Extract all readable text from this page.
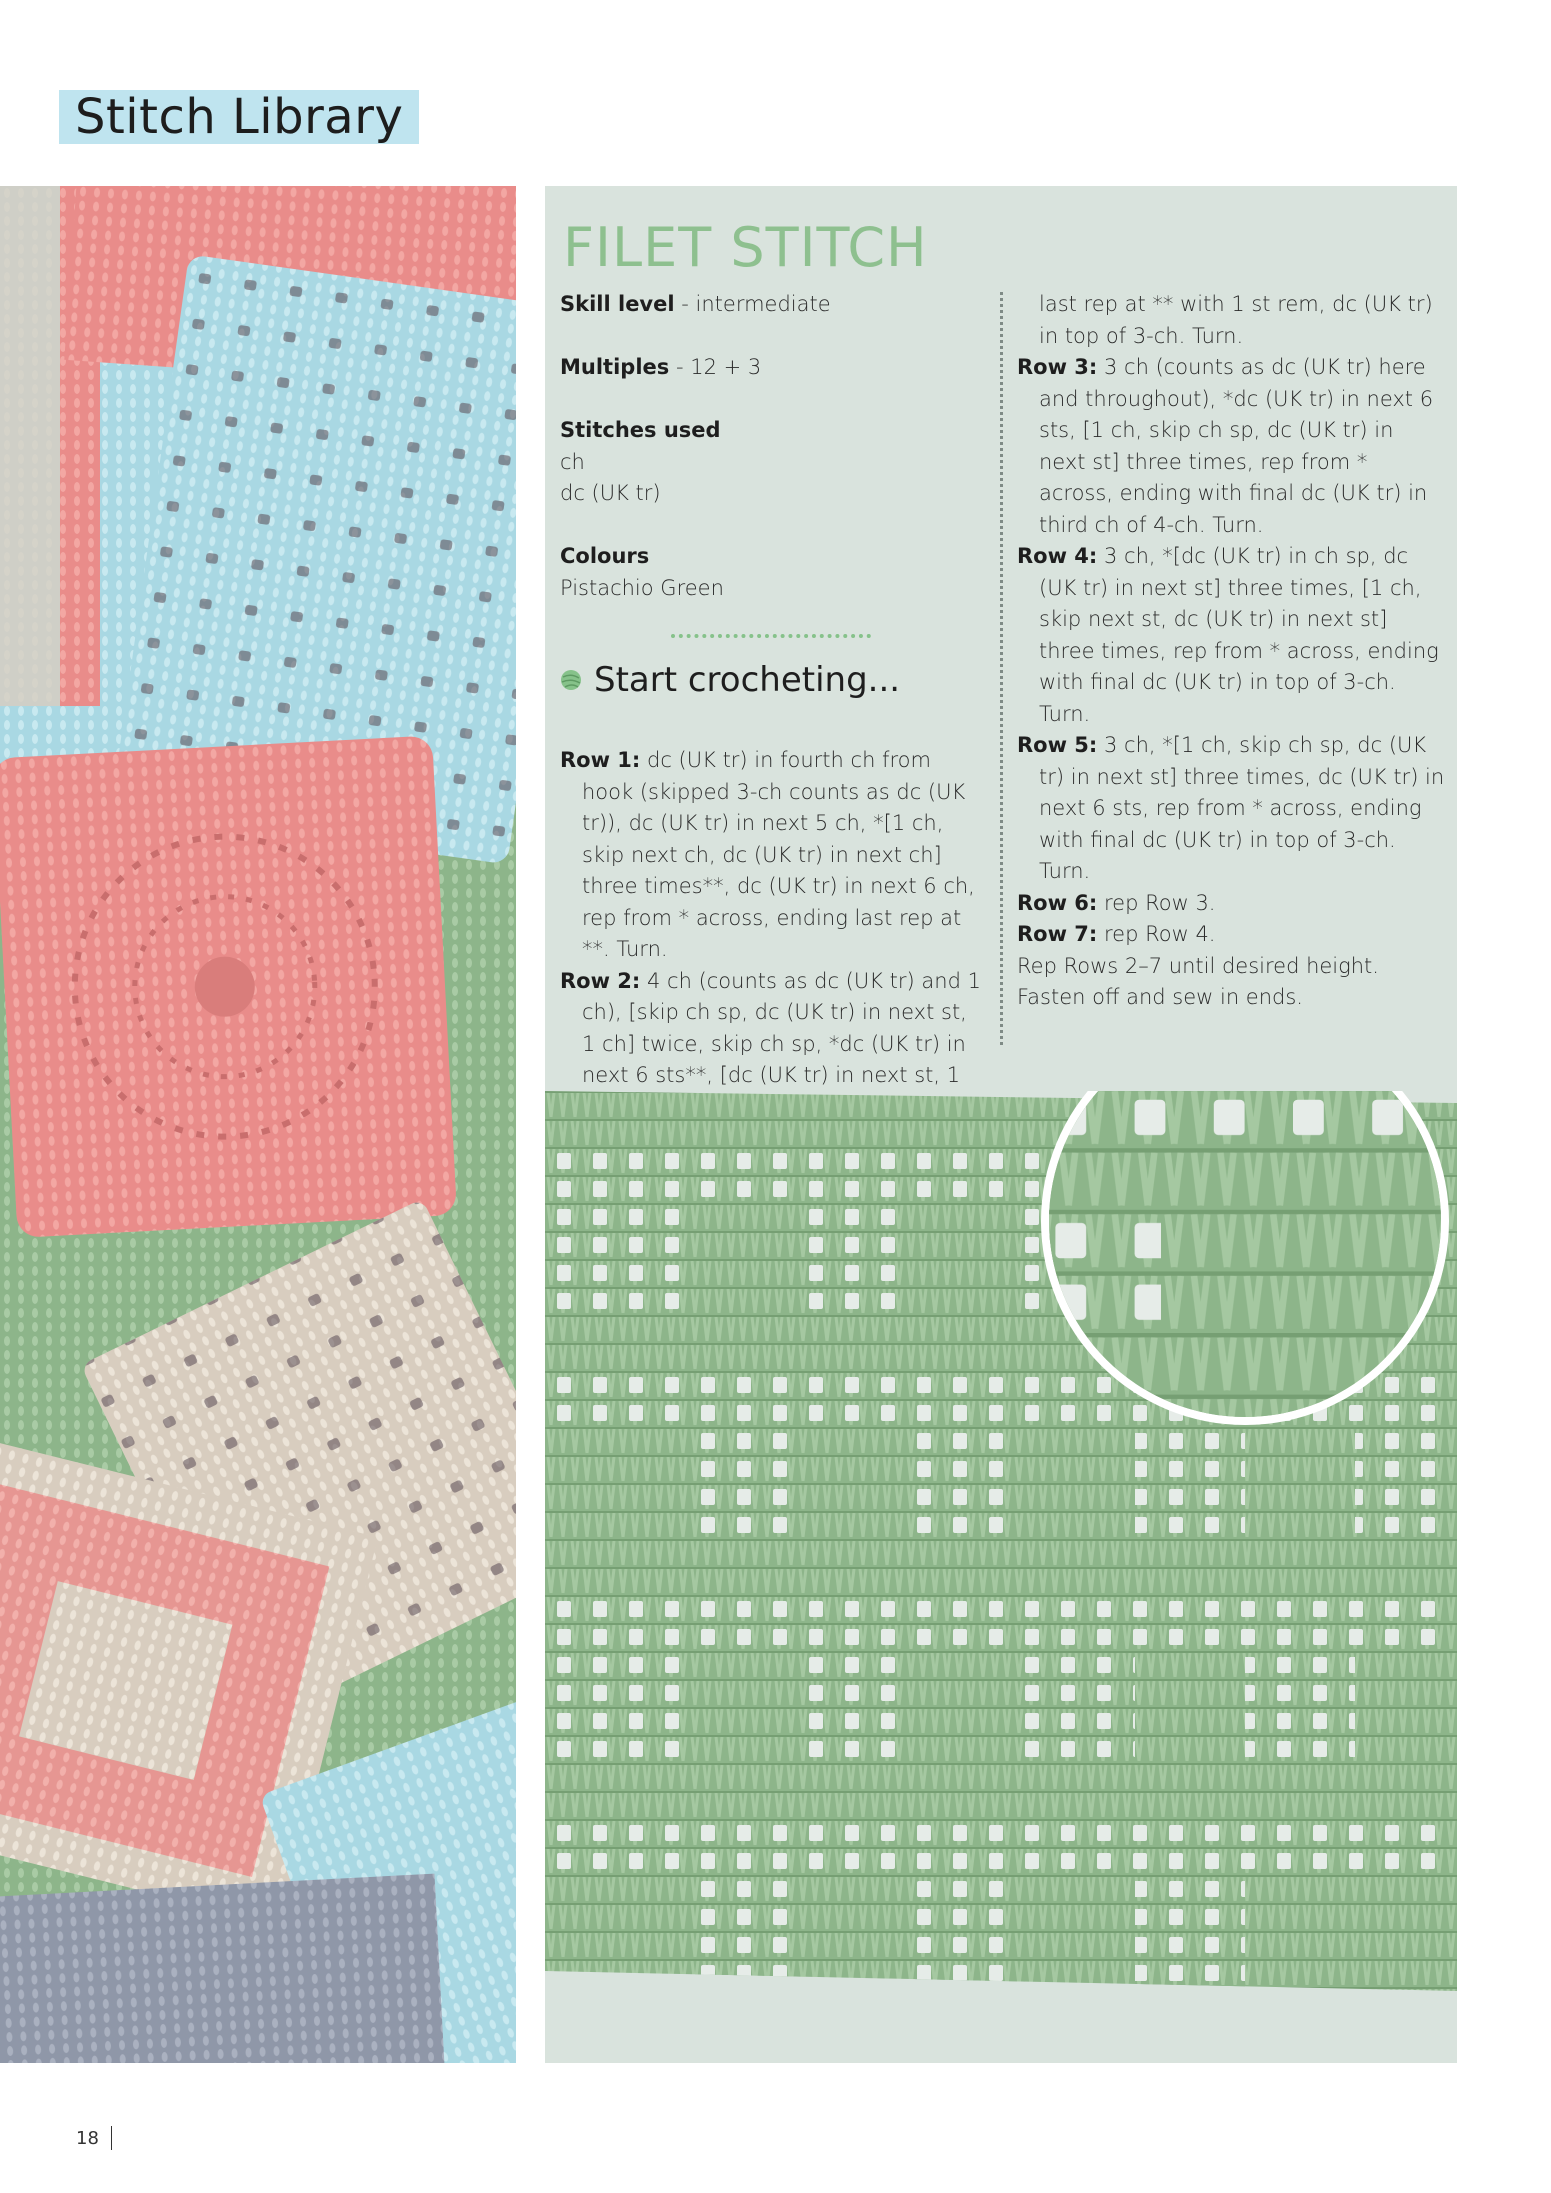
Stitch Library
FILET STITCH
Skill level - intermediate
Multiples - 12 + 3
Stitches used
ch
dc (UK tr)
Colours
Pistachio Green
Start crocheting...
Row 1: dc (UK tr) in fourth ch from hook (skipped 3-ch counts as dc (UK tr)), dc (UK tr) in next 5 ch, *[1 ch, skip next ch, dc (UK tr) in next ch] three times**, dc (UK tr) in next 6 ch, rep from * across, ending last rep at **. Turn.
Row 2: 4 ch (counts as dc (UK tr) and 1 ch), [skip ch sp, dc (UK tr) in next st, 1 ch] twice, skip ch sp, *dc (UK tr) in next 6 sts**, [dc (UK tr) in next st, 1
last rep at ** with 1 st rem, dc (UK tr) in top of 3-ch. Turn.
Row 3: 3 ch (counts as dc (UK tr) here and throughout), *dc (UK tr) in next 6 sts, [1 ch, skip ch sp, dc (UK tr) in next st] three times, rep from * across, ending with final dc (UK tr) in third ch of 4-ch. Turn.
Row 4: 3 ch, *[dc (UK tr) in ch sp, dc (UK tr) in next st] three times, [1 ch, skip next st, dc (UK tr) in next st] three times, rep from * across, ending with final dc (UK tr) in top of 3-ch. Turn.
Row 5: 3 ch, *[1 ch, skip ch sp, dc (UK tr) in next st] three times, dc (UK tr) in next 6 sts, rep from * across, ending with final dc (UK tr) in top of 3-ch. Turn.
Row 6: rep Row 3.
Row 7: rep Row 4.
Rep Rows 2–7 until desired height.
Fasten off and sew in ends.
18
